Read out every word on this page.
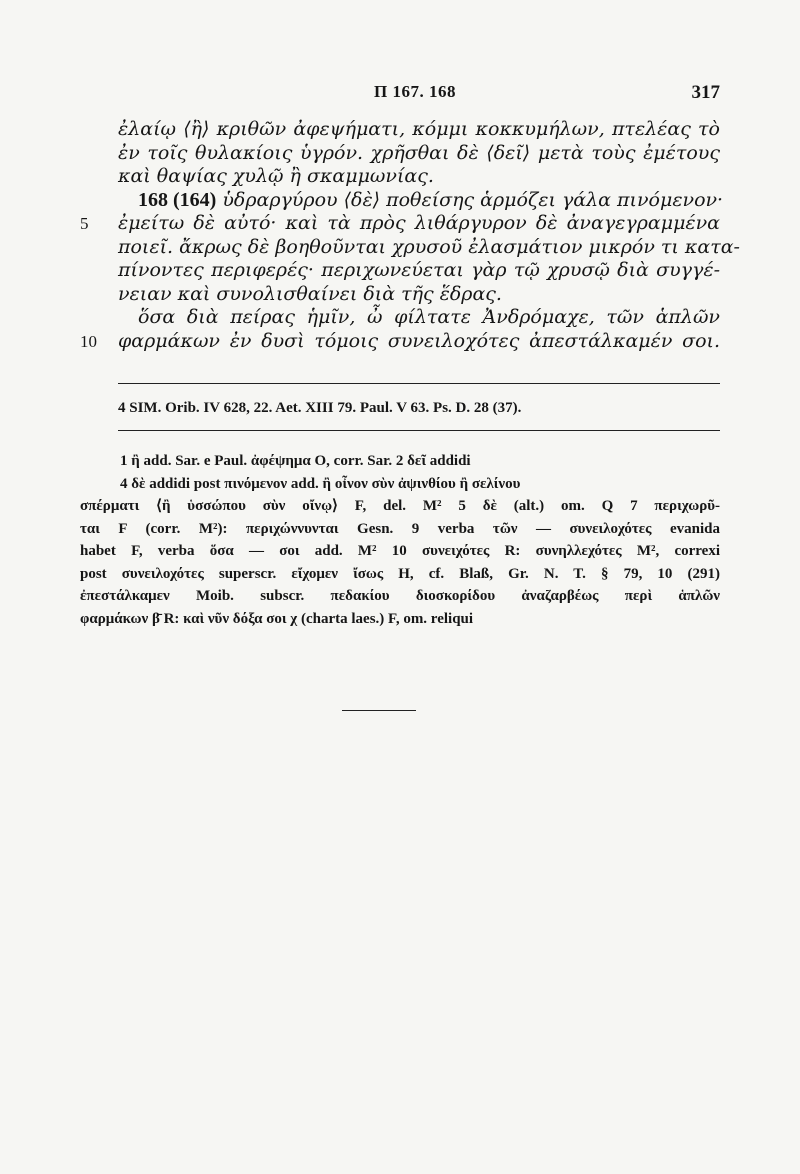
Π 167. 168	317
ἐλαίῳ ⟨ἢ⟩ κριθῶν ἀφεψήματι, κόμμι κοκκυμήλων, πτελέας τὸ
ἐν τοῖς θυλακίοις ὑγρόν. χρῆσθαι δὲ ⟨δεῖ⟩ μετὰ τοὺς ἐμέτους
καὶ θαψίας χυλῷ ἢ σκαμμωνίας.
168 (164) ὑδραργύρου ⟨δὲ⟩ ποθείσης ἁρμόζει γάλα πινόμενον·
5 ἐμείτω δὲ αὐτό· καὶ τὰ πρὸς λιθάργυρον δὲ ἀναγεγραμμένα
ποιεῖ. ἄκρως δὲ βοηθοῦνται χρυσοῦ ἐλασμάτιον μικρόν τι κατα-
πίνοντες περιφερές· περιχωνεύεται γὰρ τῷ χρυσῷ διὰ συγγέ-
νειαν καὶ συνολισθαίνει διὰ τῆς ἕδρας.
ὅσα διὰ πείρας ἡμῖν, ὦ φίλτατε Ἀνδρόμαχε, τῶν ἁπλῶν
10 φαρμάκων ἐν δυσὶ τόμοις συνειλοχότες ἀπεστάλκαμέν σοι.
4 SIM. Orib. IV 628, 22. Aet. XIII 79. Paul. V 63. Ps. D. 28 (37).
1 ἢ add. Sar. e Paul. ἀφέψημα O, corr. Sar. 2 δεῖ addidi
4 δὲ addidi post πινόμενον add. ἢ οἶνον σὺν ἀψινθίου ἢ σελίνου
σπέρματι ⟨ἢ ὑσσώπου σὺν οἴνῳ⟩ F, del. M² 5 δὲ (alt.) om. Q 7 περιχωρῦ-
ται F (corr. M²): περιχώννυνται Gesn. 9 verba τῶν — συνειλοχότες evanida
habet F, verba ὅσα — σοι add. M² 10 συνειχότες R: συνηλλεχότες M², correxi
post συνειλοχότες superscr. εἴχομεν ἴσως H, cf. Blaß, Gr. N. T. § 79, 10 (291)
ἐπεστάλκαμεν Moib. subscr. πεδακίου διοσκορίδου ἀναζαρβέως περὶ ἁπλῶν
φαρμάκων β̄ R: καὶ νῦν δόξα σοι χ (charta laes.) F, om. reliqui
